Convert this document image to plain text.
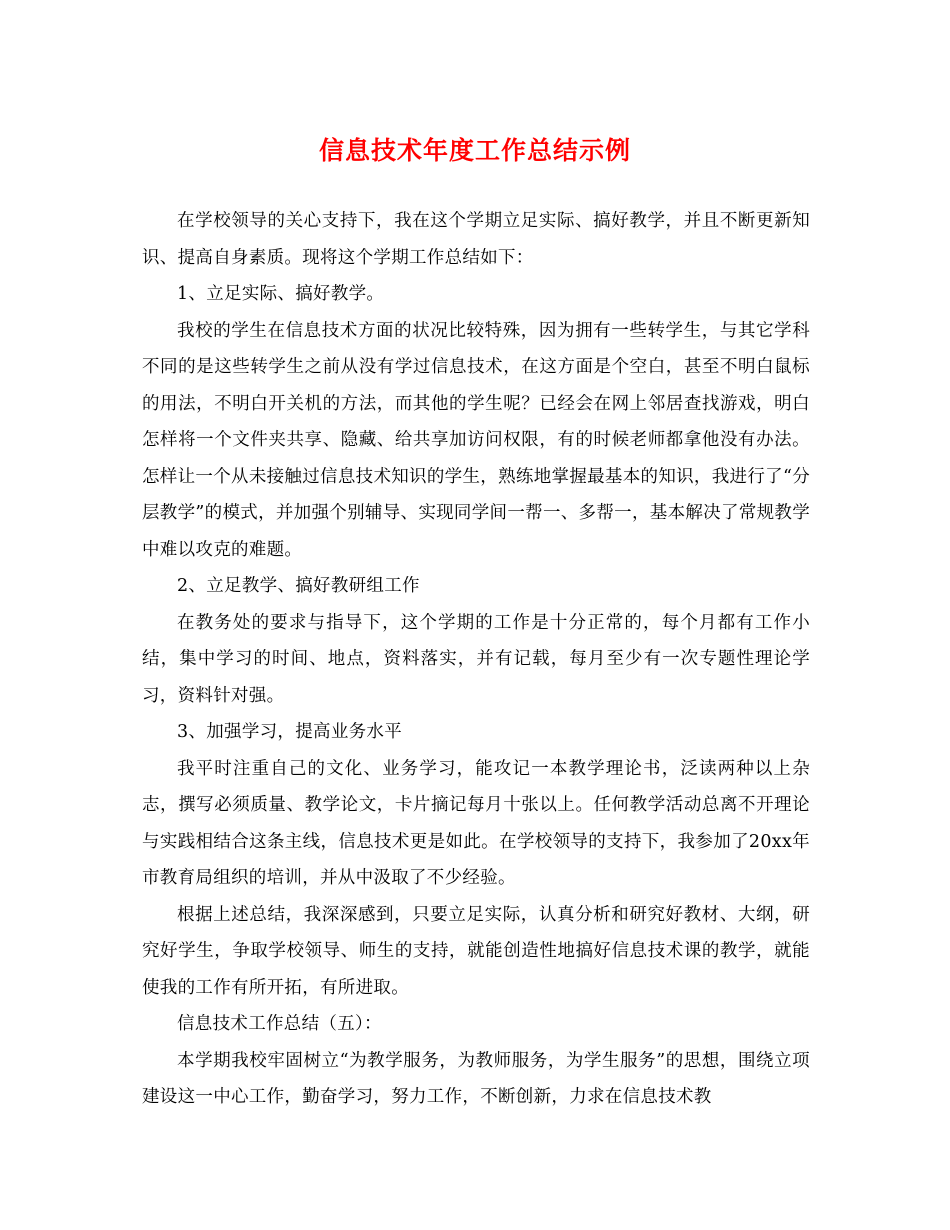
信息技术年度工作总结示例

在学校领导的关心支持下，我在这个学期立足实际、搞好教学，并且不断更新知识、提高自身素质。现将这个学期工作总结如下：

1、立足实际、搞好教学。

我校的学生在信息技术方面的状况比较特殊，因为拥有一些转学生，与其它学科不同的是这些转学生之前从没有学过信息技术，在这方面是个空白，甚至不明白鼠标的用法，不明白开关机的方法，而其他的学生呢？已经会在网上邻居查找游戏，明白怎样将一个文件夹共享、隐藏、给共享加访问权限，有的时候老师都拿他没有办法。怎样让一个从未接触过信息技术知识的学生，熟练地掌握最基本的知识，我进行了“分层教学”的模式，并加强个别辅导、实现同学间一帮一、多帮一，基本解决了常规教学中难以攻克的难题。

2、立足教学、搞好教研组工作

在教务处的要求与指导下，这个学期的工作是十分正常的，每个月都有工作小结，集中学习的时间、地点，资料落实，并有记载，每月至少有一次专题性理论学习，资料针对强。

3、加强学习，提高业务水平

我平时注重自己的文化、业务学习，能攻记一本教学理论书，泛读两种以上杂志，撰写必须质量、教学论文，卡片摘记每月十张以上。任何教学活动总离不开理论与实践相结合这条主线，信息技术更是如此。在学校领导的支持下，我参加了20xx年市教育局组织的培训，并从中汲取了不少经验。

根据上述总结，我深深感到，只要立足实际，认真分析和研究好教材、大纲，研究好学生，争取学校领导、师生的支持，就能创造性地搞好信息技术课的教学，就能使我的工作有所开拓，有所进取。

信息技术工作总结（五）：

本学期我校牢固树立“为教学服务，为教师服务，为学生服务”的思想，围绕立项建设这一中心工作，勤奋学习，努力工作，不断创新，力求在信息技术教
